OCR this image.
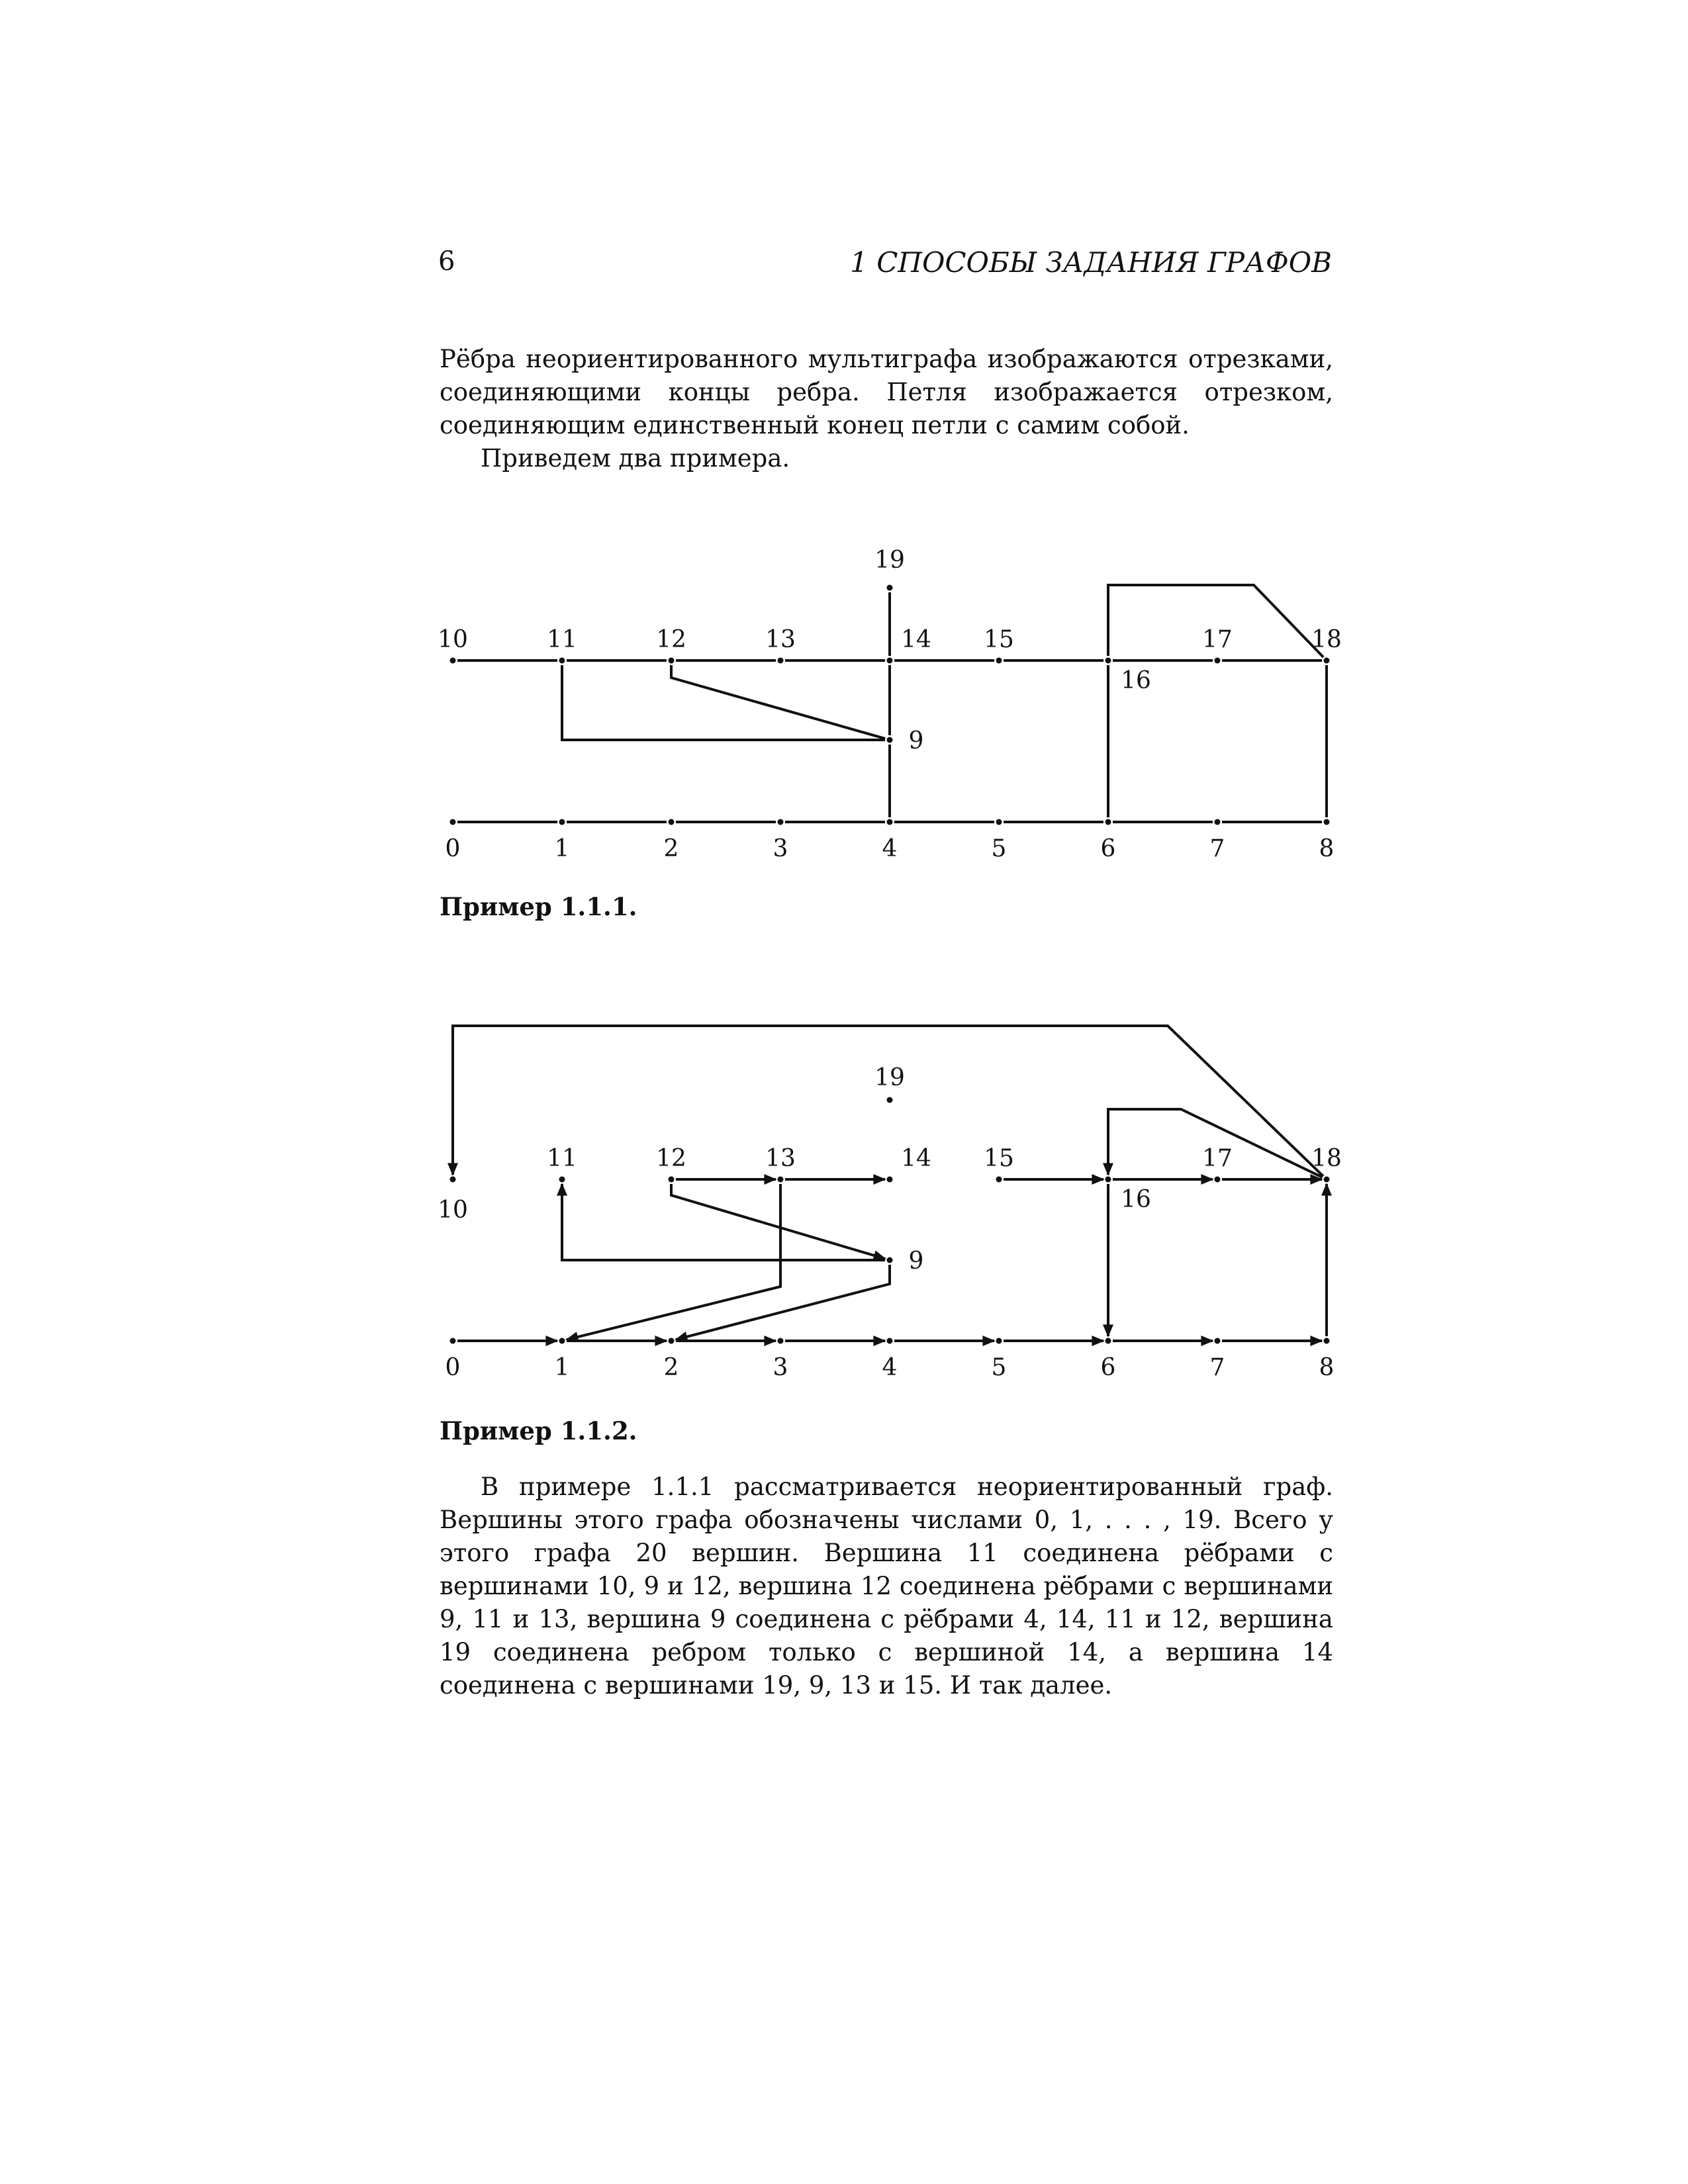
6	1 СПОСОБЫ ЗАДАНИЯ ГРАФОВ

Рёбра неориентированного мультиграфа изображаются отрезками, соединяющими концы ребра. Петля изображается отрезком, соединяющим единственный конец петли с самим собой.

Приведем два примера.

0	1	2	3	4	5	6	7	8
9
10	11	12	13	14 15
16
17	18
19
Пример 1.1.1.
0	1	2	3	4	5	6	7	8
9
10
11	12	13	14 15
16
17	18
19
Пример 1.1.2.

В примере 1.1.1 рассматривается неориентированный граф. Вершины этого графа обозначены числами 0, 1, . . . , 19. Всего у этого графа 20 вершин. Вершина 11 соединена рёбрами с вершинами 10, 9 и 12, вершина 12 соединена рёбрами с вершинами 9, 11 и 13, вершина 9 соединена с рёбрами 4, 14, 11 и 12, вершина 19 соединена ребром только с вершиной 14, а вершина 14 соединена с вершинами 19, 9, 13 и 15. И так далее.
